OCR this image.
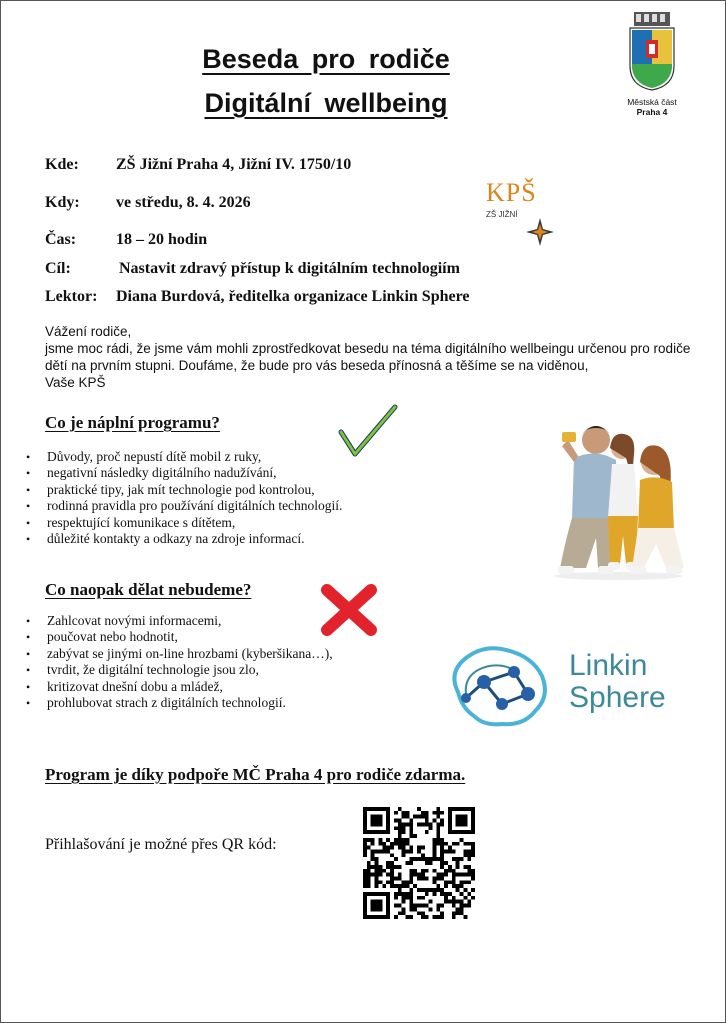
Beseda pro rodiče
Digitální wellbeing	Městská část
Praha 4
Kde: ZŠ Jižní Praha 4, Jižní IV. 1750/10
Kdy: ve středu, 8. 4. 2026
Čas: 18 – 20 hodin
Cíl:	Nastavit zdravý přístup k digitálním technologiím
Lektor: Diana Burdová, ředitelka organizace Linkin Sphere
KPŠ
ZŠ JIŽNÍ
Vážení rodiče,
jsme moc rádi, že jsme vám mohli zprostředkovat besedu na téma digitálního wellbeingu určenou pro rodiče
dětí na prvním stupni. Doufáme, že bude pro vás beseda přínosná a těšíme se na viděnou,
Vaše KPŠ
Co je náplní programu?
• Důvody, proč nepustí dítě mobil z ruky,
• negativní následky digitálního nadužívání,
• praktické tipy, jak mít technologie pod kontrolou,
• rodinná pravidla pro používání digitálních technologií.
• respektující komunikace s dítětem,
• důležité kontakty a odkazy na zdroje informací.
Co naopak dělat nebudeme?
• Zahlcovat novými informacemi,
• poučovat nebo hodnotit,
• zabývat se jinými on-line hrozbami (kyberšikana…),
• tvrdit, že digitální technologie jsou zlo,
• kritizovat dnešní dobu a mládež,
• prohlubovat strach z digitálních technologií.
Linkin
Sphere
Program je díky podpoře MČ Praha 4 pro rodiče zdarma.
Přihlašování je možné přes QR kód:
